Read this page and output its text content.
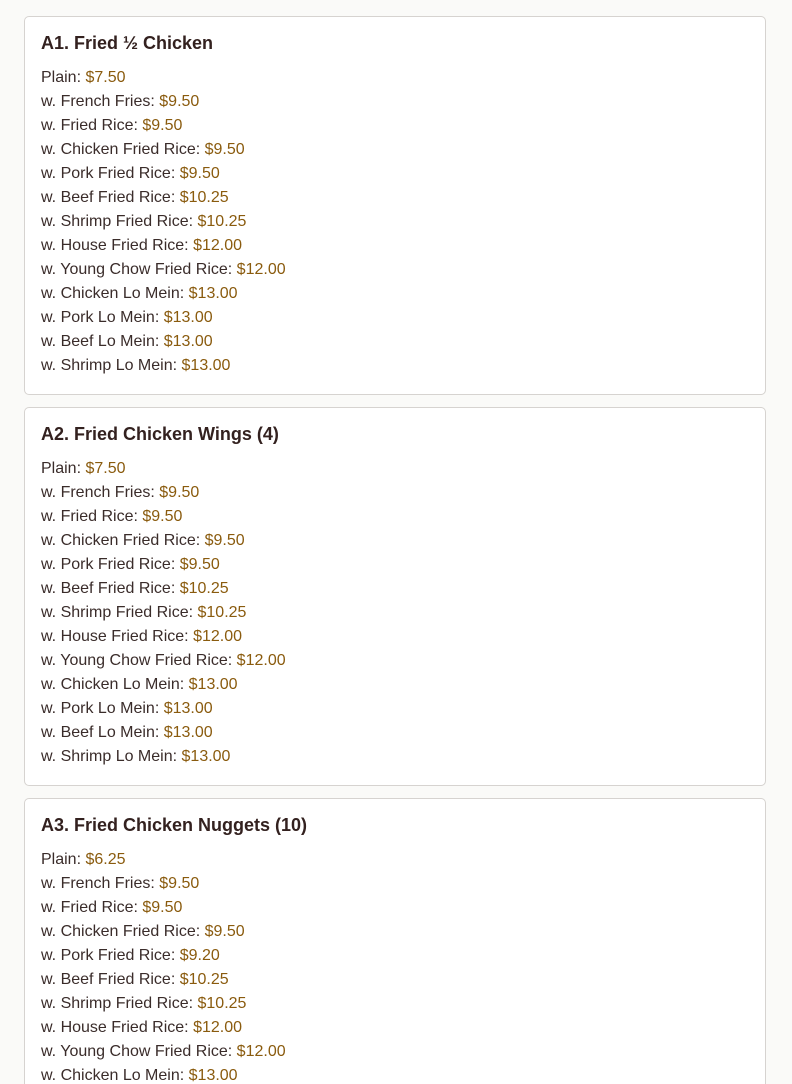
A1. Fried ½ Chicken
Plain: $7.50
w. French Fries: $9.50
w. Fried Rice: $9.50
w. Chicken Fried Rice: $9.50
w. Pork Fried Rice: $9.50
w. Beef Fried Rice: $10.25
w. Shrimp Fried Rice: $10.25
w. House Fried Rice: $12.00
w. Young Chow Fried Rice: $12.00
w. Chicken Lo Mein: $13.00
w. Pork Lo Mein: $13.00
w. Beef Lo Mein: $13.00
w. Shrimp Lo Mein: $13.00
A2. Fried Chicken Wings (4)
Plain: $7.50
w. French Fries: $9.50
w. Fried Rice: $9.50
w. Chicken Fried Rice: $9.50
w. Pork Fried Rice: $9.50
w. Beef Fried Rice: $10.25
w. Shrimp Fried Rice: $10.25
w. House Fried Rice: $12.00
w. Young Chow Fried Rice: $12.00
w. Chicken Lo Mein: $13.00
w. Pork Lo Mein: $13.00
w. Beef Lo Mein: $13.00
w. Shrimp Lo Mein: $13.00
A3. Fried Chicken Nuggets (10)
Plain: $6.25
w. French Fries: $9.50
w. Fried Rice: $9.50
w. Chicken Fried Rice: $9.50
w. Pork Fried Rice: $9.20
w. Beef Fried Rice: $10.25
w. Shrimp Fried Rice: $10.25
w. House Fried Rice: $12.00
w. Young Chow Fried Rice: $12.00
w. Chicken Lo Mein: $13.00
